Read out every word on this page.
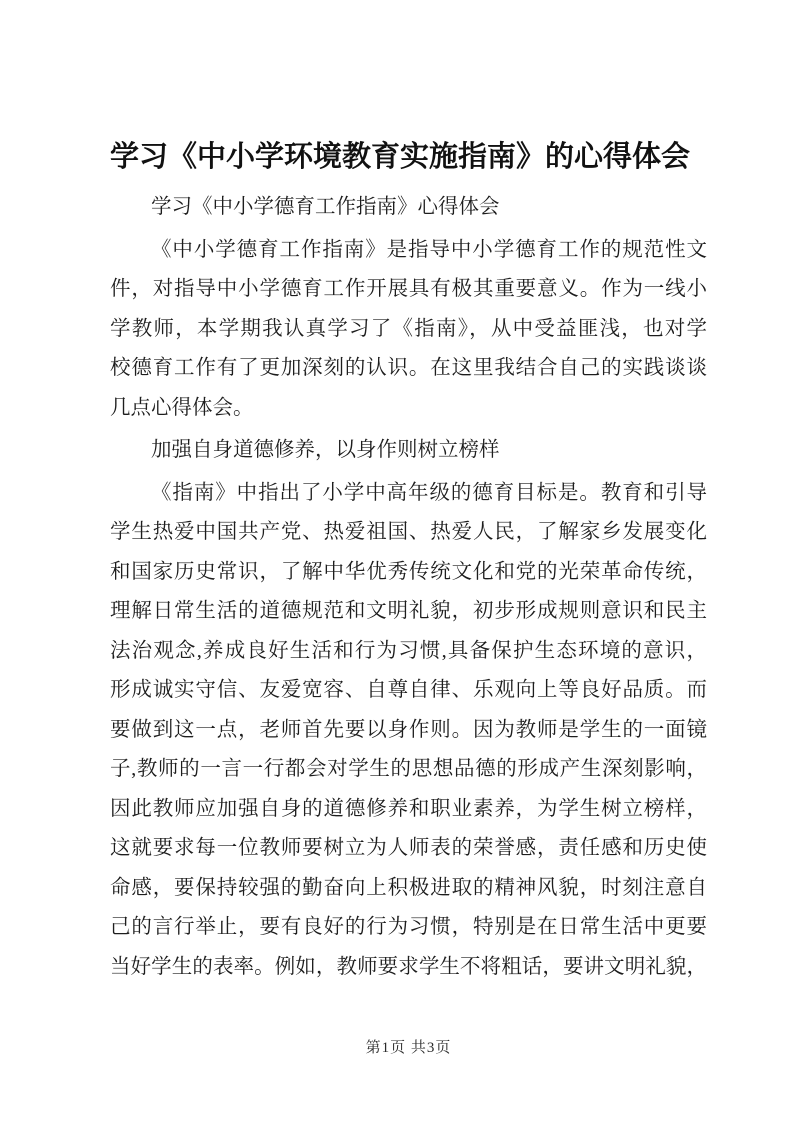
学习《中小学环境教育实施指南》的心得体会
学习《中小学德育工作指南》心得体会
《中小学德育工作指南》是指导中小学德育工作的规范性文
件，对指导中小学德育工作开展具有极其重要意义。作为一线小
学教师，本学期我认真学习了《指南》，从中受益匪浅，也对学
校德育工作有了更加深刻的认识。在这里我结合自己的实践谈谈
几点心得体会。
加强自身道德修养，以身作则树立榜样
《指南》中指出了小学中高年级的德育目标是。教育和引导
学生热爱中国共产党、热爱祖国、热爱人民，了解家乡发展变化
和国家历史常识，了解中华优秀传统文化和党的光荣革命传统，
理解日常生活的道德规范和文明礼貌，初步形成规则意识和民主
法治观念,养成良好生活和行为习惯,具备保护生态环境的意识，
形成诚实守信、友爱宽容、自尊自律、乐观向上等良好品质。而
要做到这一点，老师首先要以身作则。因为教师是学生的一面镜
子,教师的一言一行都会对学生的思想品德的形成产生深刻影响，
因此教师应加强自身的道德修养和职业素养，为学生树立榜样，
这就要求每一位教师要树立为人师表的荣誉感，责任感和历史使
命感，要保持较强的勤奋向上积极进取的精神风貌，时刻注意自
己的言行举止，要有良好的行为习惯，特别是在日常生活中更要
当好学生的表率。例如，教师要求学生不将粗话，要讲文明礼貌，
第1页 共3页
